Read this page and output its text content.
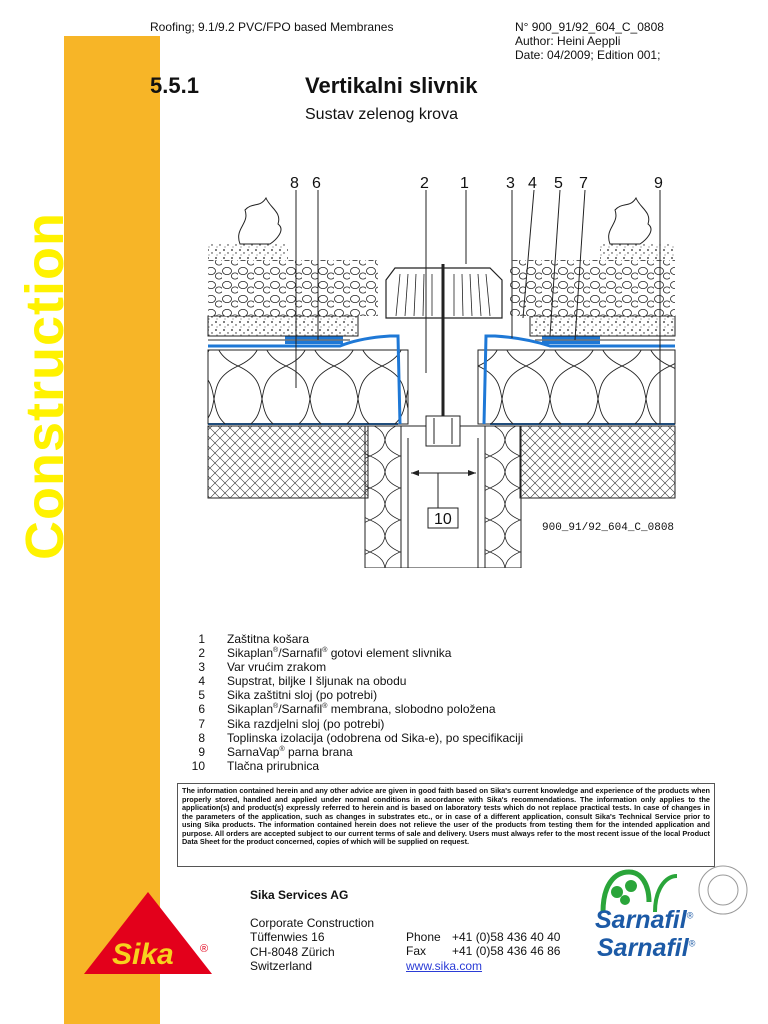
Construction
Roofing; 9.1/9.2 PVC/FPO based Membranes	N° 900_91/92_604_C_0808
Author: Heini Aeppli
Date: 04/2009; Edition 001;
5.5.1	Vertikalni slivnik
Sustav zelenog krova
8 6	2 1 3 4 5 7	9
10	900_91/92_604_C_0808
1 Zaštitna košara
2 Sikaplan®/Sarnafil® gotovi element slivnika
3 Var vrućim zrakom
4 Supstrat, biljke I šljunak na obodu
5 Sika zaštitni sloj (po potrebi)
6 Sikaplan®/Sarnafil® membrana, slobodno položena
7 Sika razdjelni sloj (po potrebi)
8 Toplinska izolacija (odobrena od Sika-e), po specifikaciji
9 SarnaVap® parna brana
10 Tlačna prirubnica
The information contained herein and any other advice are given in good faith based on Sika's current knowledge and experience of the products when properly stored, handled and applied under normal conditions in accordance with Sika's recommendations. The information only applies to the application(s) and product(s) expressly referred to herein and is based on laboratory tests which do not replace practical tests. In case of changes in the parameters of the application, such as changes in substrates etc., or in case of a different application, consult Sika's Technical Service prior to using Sika products. The information contained herein does not relieve the user of the products from testing them for the intended application and purpose. All orders are accepted subject to our current terms of sale and delivery. Users must always refer to the most recent issue of the local Product Data Sheet for the product concerned, copies of which will be supplied on request.
Sika ®
Sika Services AG
Corporate Construction
Tüffenwies 16
CH-8048 Zürich
Switzerland
Phone +41 (0)58 436 40 40
Fax	+41 (0)58 436 46 86
www.sika.com
Sarnafil®
Sarnafil®
